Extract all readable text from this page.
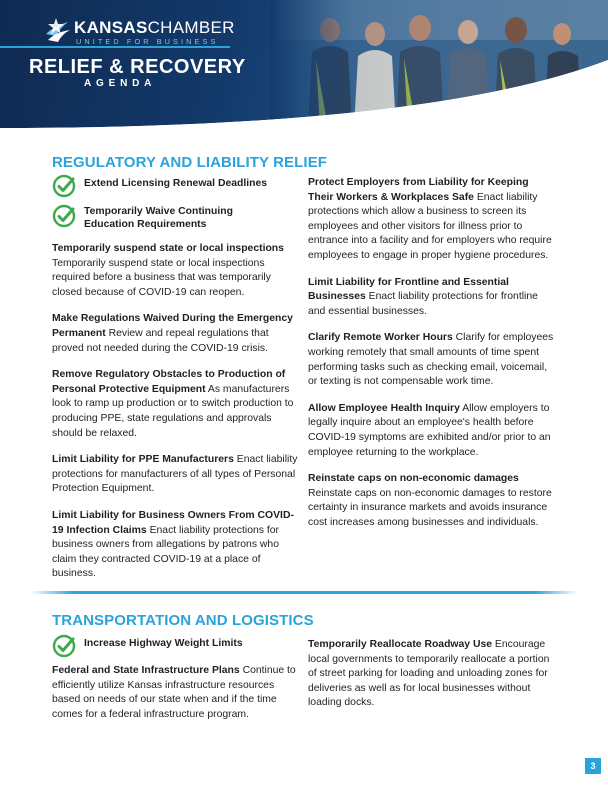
KANSASCHAMBER
UNITED FOR BUSINESS
RELIEF & RECOVERY
AGENDA
REGULATORY AND LIABILITY RELIEF
Extend Licensing Renewal Deadlines
Temporarily Waive Continuing Education Requirements

Temporarily suspend state or local inspections Temporarily suspend state or local inspections required before a business that was temporarily closed because of COVID-19 can reopen.

Make Regulations Waived During the Emergency Permanent Review and repeal regulations that proved not needed during the COVID-19 crisis.

Remove Regulatory Obstacles to Production of Personal Protective Equipment As manufacturers look to ramp up production or to switch production to producing PPE, state regulations and approvals should be relaxed.

Limit Liability for PPE Manufacturers Enact liability protections for manufacturers of all types of Personal Protection Equipment.

Limit Liability for Business Owners From COVID-19 Infection Claims Enact liability protections for business owners from allegations by patrons who claim they contracted COVID-19 at a place of business.

Protect Employers from Liability for Keeping Their Workers & Workplaces Safe Enact liability protections which allow a business to screen its employees and other visitors for illness prior to entrance into a facility and for employers who require employees to engage in proper hygiene procedures.

Limit Liability for Frontline and Essential Businesses Enact liability protections for frontline and essential businesses.

Clarify Remote Worker Hours Clarify for employees working remotely that small amounts of time spent performing tasks such as checking email, voicemail, or texting is not compensable work time.

Allow Employee Health Inquiry Allow employers to legally inquire about an employee's health before COVID-19 symptoms are exhibited and/or prior to an employee returning to the workplace.

Reinstate caps on non-economic damages Reinstate caps on non-economic damages to restore certainty in insurance markets and avoids insurance cost increases among businesses and individuals.

TRANSPORTATION AND LOGISTICS
Increase Highway Weight Limits

Federal and State Infrastructure Plans Continue to efficiently utilize Kansas infrastructure resources based on needs of our state when and if the time comes for a federal infrastructure program.

Temporarily Reallocate Roadway Use Encourage local governments to temporarily reallocate a portion of street parking for loading and unloading zones for deliveries as well as for local businesses without loading docks.

3
